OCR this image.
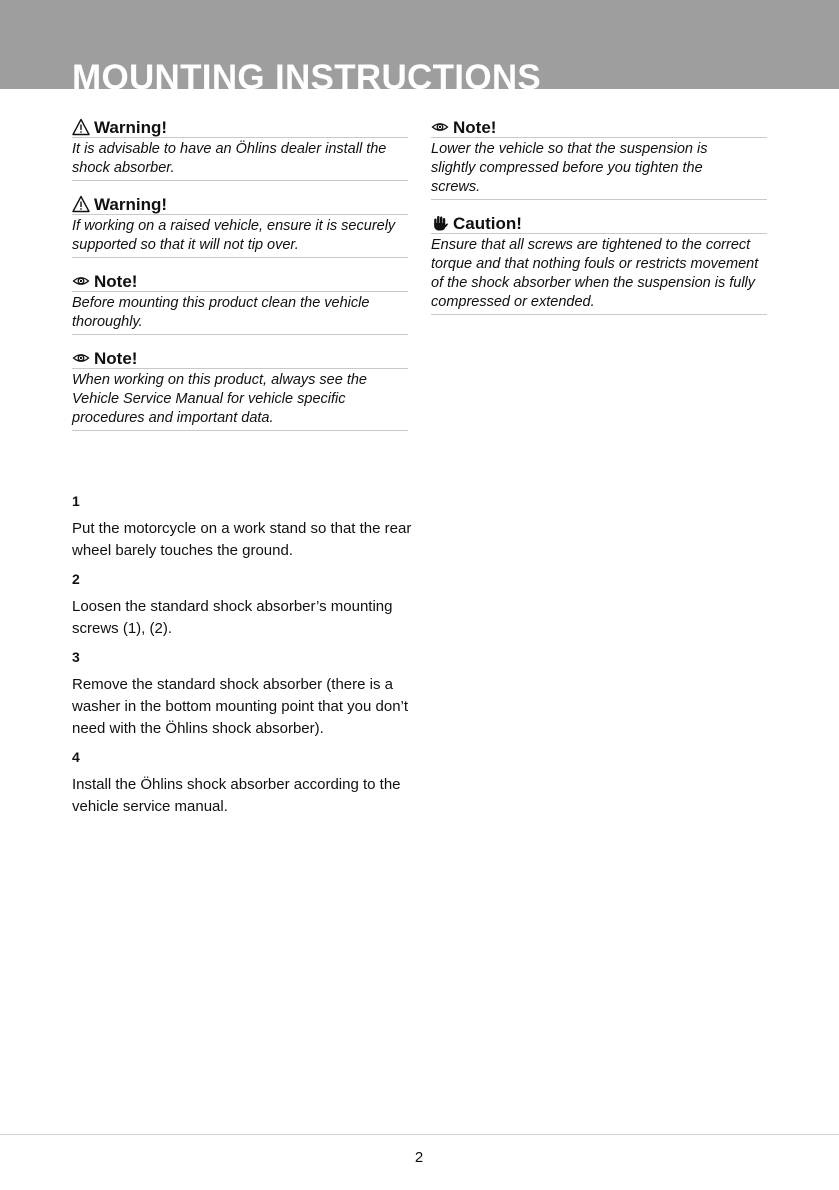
MOUNTING INSTRUCTIONS
Warning!
It is advisable to have an Öhlins dealer install the shock absorber.
Warning!
If working on a raised vehicle, ensure it is securely supported so that it will not tip over.
Note!
Before mounting this product clean the vehicle thoroughly.
Note!
When working on this product, always see the Vehicle Service Manual for vehicle specific procedures and important data.
Note!
Lower the vehicle so that the suspension is slightly compressed before you tighten the screws.
Caution!
Ensure that all screws are tightened to the correct torque and that nothing fouls or restricts movement of the shock absorber when the suspension is fully compressed or extended.
1
Put the motorcycle on a work stand so that the rear wheel barely touches the ground.
2
Loosen the standard shock absorber’s mounting screws (1), (2).
3
Remove the standard shock absorber (there is a washer in the bottom mounting point that you don’t need with the Öhlins shock absorber).
4
Install the Öhlins shock absorber according to the vehicle service manual.
2
